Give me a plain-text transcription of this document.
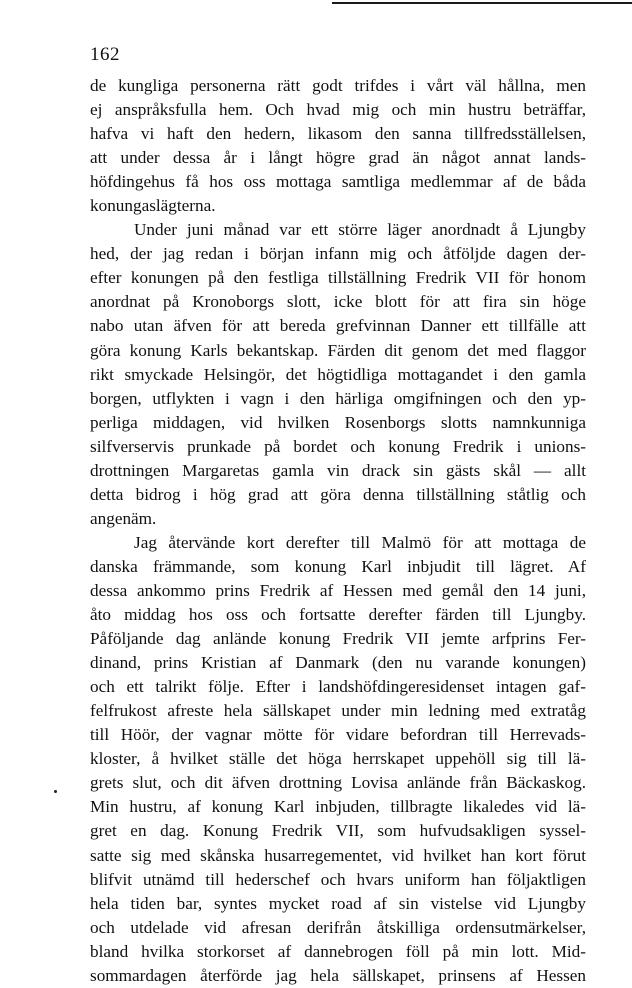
162
de kungliga personerna rätt godt trifdes i vårt väl hållna, men
ej anspråksfulla hem. Och hvad mig och min hustru beträffar,
hafva vi haft den hedern, likasom den sanna tillfredsställelsen,
att under dessa år i långt högre grad än något annat lands-
höfdingehus få hos oss mottaga samtliga medlemmar af de båda
konungaslägterna.
Under juni månad var ett större läger anordnadt å Ljungby
hed, der jag redan i början infann mig och åtföljde dagen der-
efter konungen på den festliga tillställning Fredrik VII för honom
anordnat på Kronoborgs slott, icke blott för att fira sin höge
nabo utan äfven för att bereda grefvinnan Danner ett tillfälle att
göra konung Karls bekantskap. Färden dit genom det med flaggor
rikt smyckade Helsingör, det högtidliga mottagandet i den gamla
borgen, utflykten i vagn i den härliga omgifningen och den yp-
perliga middagen, vid hvilken Rosenborgs slotts namnkunniga
silfverservis prunkade på bordet och konung Fredrik i unions-
drottningen Margaretas gamla vin drack sin gästs skål — allt
detta bidrog i hög grad att göra denna tillställning ståtlig och
angenäm.
Jag återvände kort derefter till Malmö för att mottaga de
danska främmande, som konung Karl inbjudit till lägret. Af
dessa ankommo prins Fredrik af Hessen med gemål den 14 juni,
åto middag hos oss och fortsatte derefter färden till Ljungby.
Påföljande dag anlände konung Fredrik VII jemte arfprins Fer-
dinand, prins Kristian af Danmark (den nu varande konungen)
och ett talrikt följe. Efter i landshöfdingeresidenset intagen gaf-
felfrukost afreste hela sällskapet under min ledning med extratåg
till Höör, der vagnar mötte för vidare befordran till Herrevads-
kloster, å hvilket ställe det höga herrskapet uppehöll sig till lä-
grets slut, och dit äfven drottning Lovisa anlände från Bäckaskog.
Min hustru, af konung Karl inbjuden, tillbragte likaledes vid lä-
gret en dag. Konung Fredrik VII, som hufvudsakligen syssel-
satte sig med skånska husarregementet, vid hvilket han kort förut
blifvit utnämd till hederschef och hvars uniform han följaktligen
hela tiden bar, syntes mycket road af sin vistelse vid Ljungby
och utdelade vid afresan derifrån åtskilliga ordensutmärkelser,
bland hvilka storkorset af dannebrogen föll på min lott. Mid-
sommardagen återförde jag hela sällskapet, prinsens af Hessen
